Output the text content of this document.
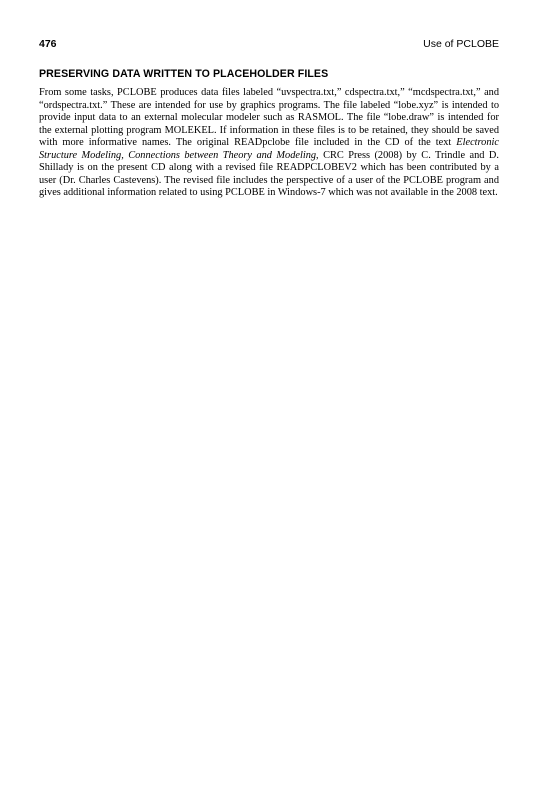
476	Use of PCLOBE
PRESERVING DATA WRITTEN TO PLACEHOLDER FILES

From some tasks, PCLOBE produces data files labeled “uvspectra.txt,” cdspectra.txt,” “mcdspectra.txt,” and “ordspectra.txt.” These are intended for use by graphics programs. The file labeled “lobe.xyz” is intended to provide input data to an external molecular modeler such as RASMOL. The file “lobe.draw” is intended for the external plotting program MOLEKEL. If information in these files is to be retained, they should be saved with more informative names. The original READpclobe file included in the CD of the text Electronic Structure Modeling, Connections between Theory and Modeling, CRC Press (2008) by C. Trindle and D. Shillady is on the present CD along with a revised file READPCLOBEV2 which has been contributed by a user (Dr. Charles Castevens). The revised file includes the perspective of a user of the PCLOBE program and gives additional information related to using PCLOBE in Windows-7 which was not available in the 2008 text.
